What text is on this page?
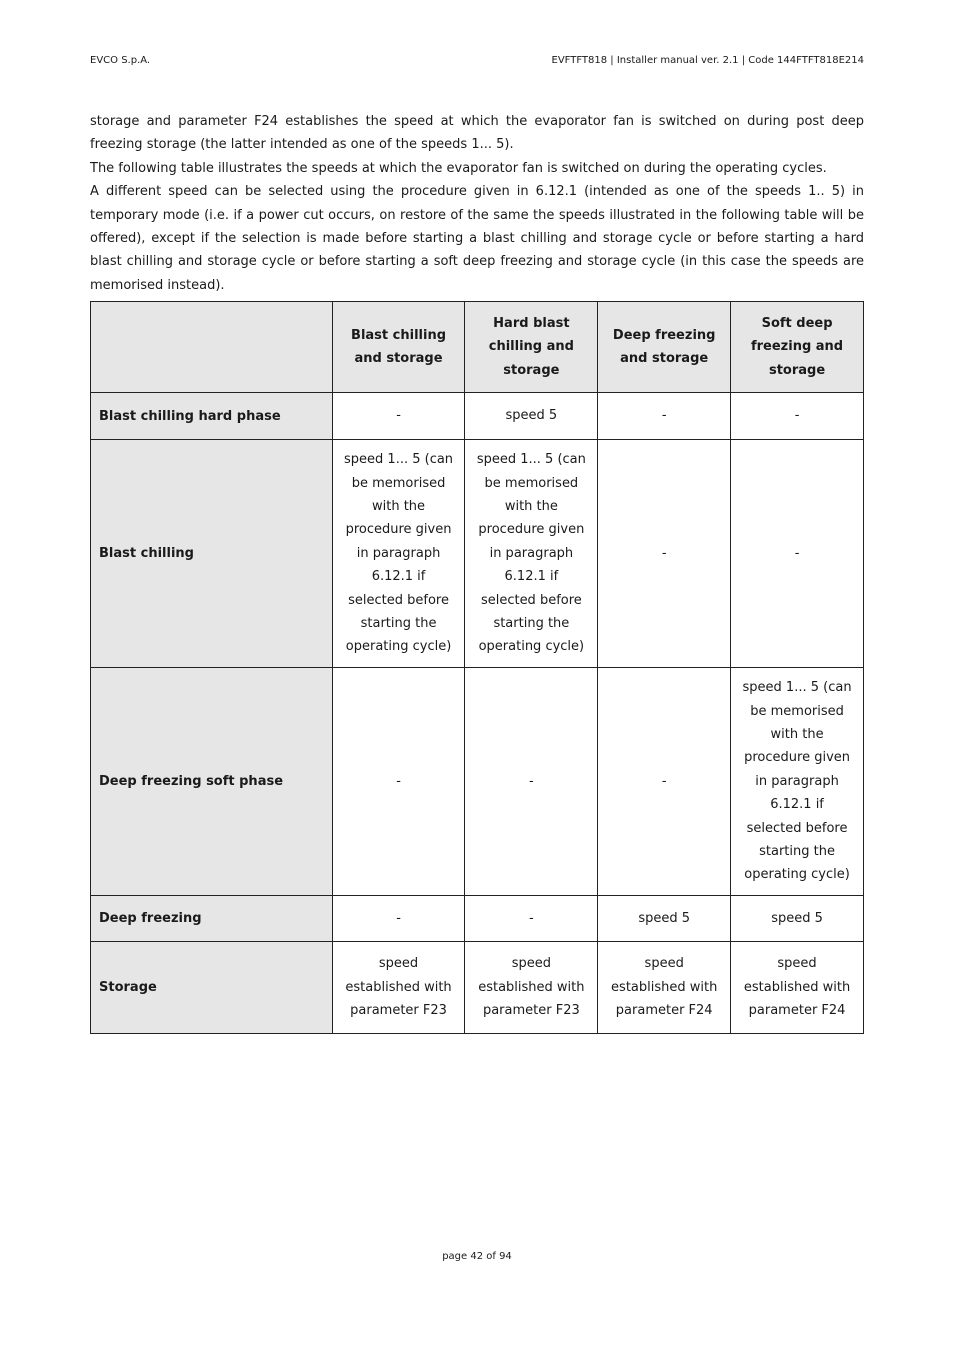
EVCO S.p.A.	EVFTFT818 | Installer manual ver. 2.1 | Code 144FTFT818E214

storage and parameter F24 establishes the speed at which the evaporator fan is switched on during post deep freezing storage (the latter intended as one of the speeds 1... 5).

The following table illustrates the speeds at which the evaporator fan is switched on during the operating cycles.

A different speed can be selected using the procedure given in 6.12.1 (intended as one of the speeds 1.. 5) in temporary mode (i.e. if a power cut occurs, on restore of the same the speeds illustrated in the following table will be offered), except if the selection is made before starting a blast chilling and storage cycle or before starting a hard blast chilling and storage cycle or before starting a soft deep freezing and storage cycle (in this case the speeds are memorised instead).

	Blast chilling and storage	Hard blast chilling and storage	Deep freezing and storage	Soft deep freezing and storage
Blast chilling hard phase	-	speed 5	-	-
Blast chilling	speed 1... 5 (can be memorised with the procedure given in paragraph 6.12.1 if selected before starting the operating cycle)	speed 1... 5 (can be memorised with the procedure given in paragraph 6.12.1 if selected before starting the operating cycle)	-	-
Deep freezing soft phase	-	-	-	speed 1... 5 (can be memorised with the procedure given in paragraph 6.12.1 if selected before starting the operating cycle)
Deep freezing	-	-	speed 5	speed 5
Storage	speed established with parameter F23	speed established with parameter F23	speed established with parameter F24	speed established with parameter F24
page 42 of 94
